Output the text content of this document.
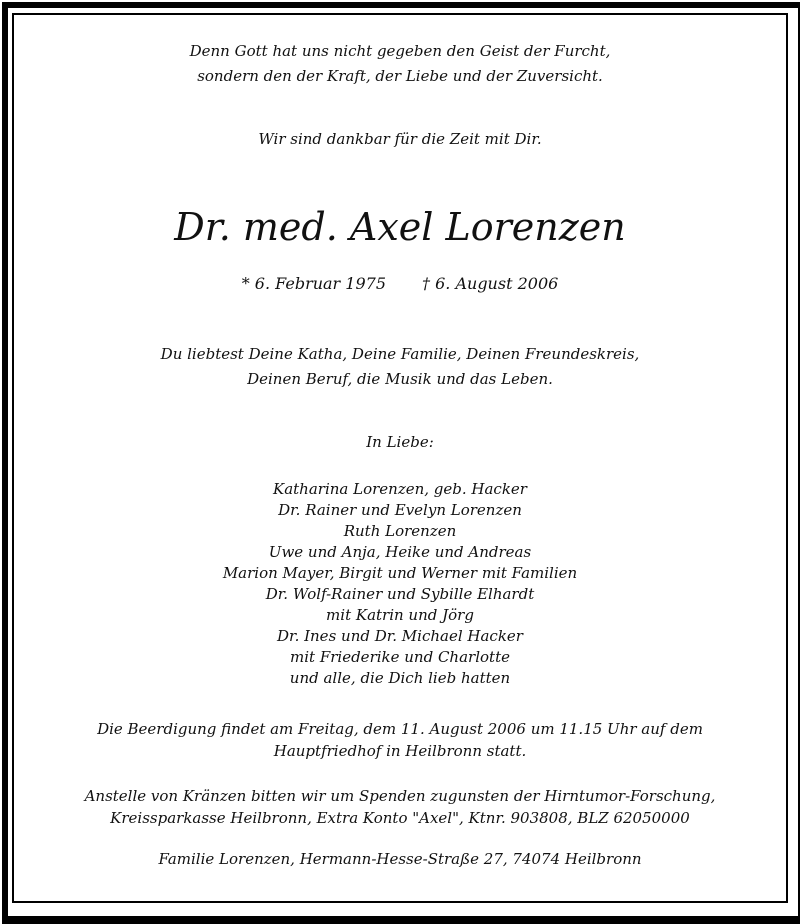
Denn Gott hat uns nicht gegeben den Geist der Furcht,
sondern den der Kraft, der Liebe und der Zuversicht.
Wir sind dankbar für die Zeit mit Dir.
Dr. med. Axel Lorenzen
* 6. Februar 1975 † 6. August 2006
Du liebtest Deine Katha, Deine Familie, Deinen Freundeskreis,
Deinen Beruf, die Musik und das Leben.
In Liebe:
Katharina Lorenzen, geb. Hacker
Dr. Rainer und Evelyn Lorenzen
Ruth Lorenzen
Uwe und Anja, Heike und Andreas
Marion Mayer, Birgit und Werner mit Familien
Dr. Wolf-Rainer und Sybille Elhardt
mit Katrin und Jörg
Dr. Ines und Dr. Michael Hacker
mit Friederike und Charlotte
und alle, die Dich lieb hatten
Die Beerdigung findet am Freitag, dem 11. August 2006 um 11.15 Uhr auf dem
Hauptfriedhof in Heilbronn statt.
Anstelle von Kränzen bitten wir um Spenden zugunsten der Hirntumor-Forschung,
Kreissparkasse Heilbronn, Extra Konto "Axel", Ktnr. 903808, BLZ 62050000
Familie Lorenzen, Hermann-Hesse-Straße 27, 74074 Heilbronn
